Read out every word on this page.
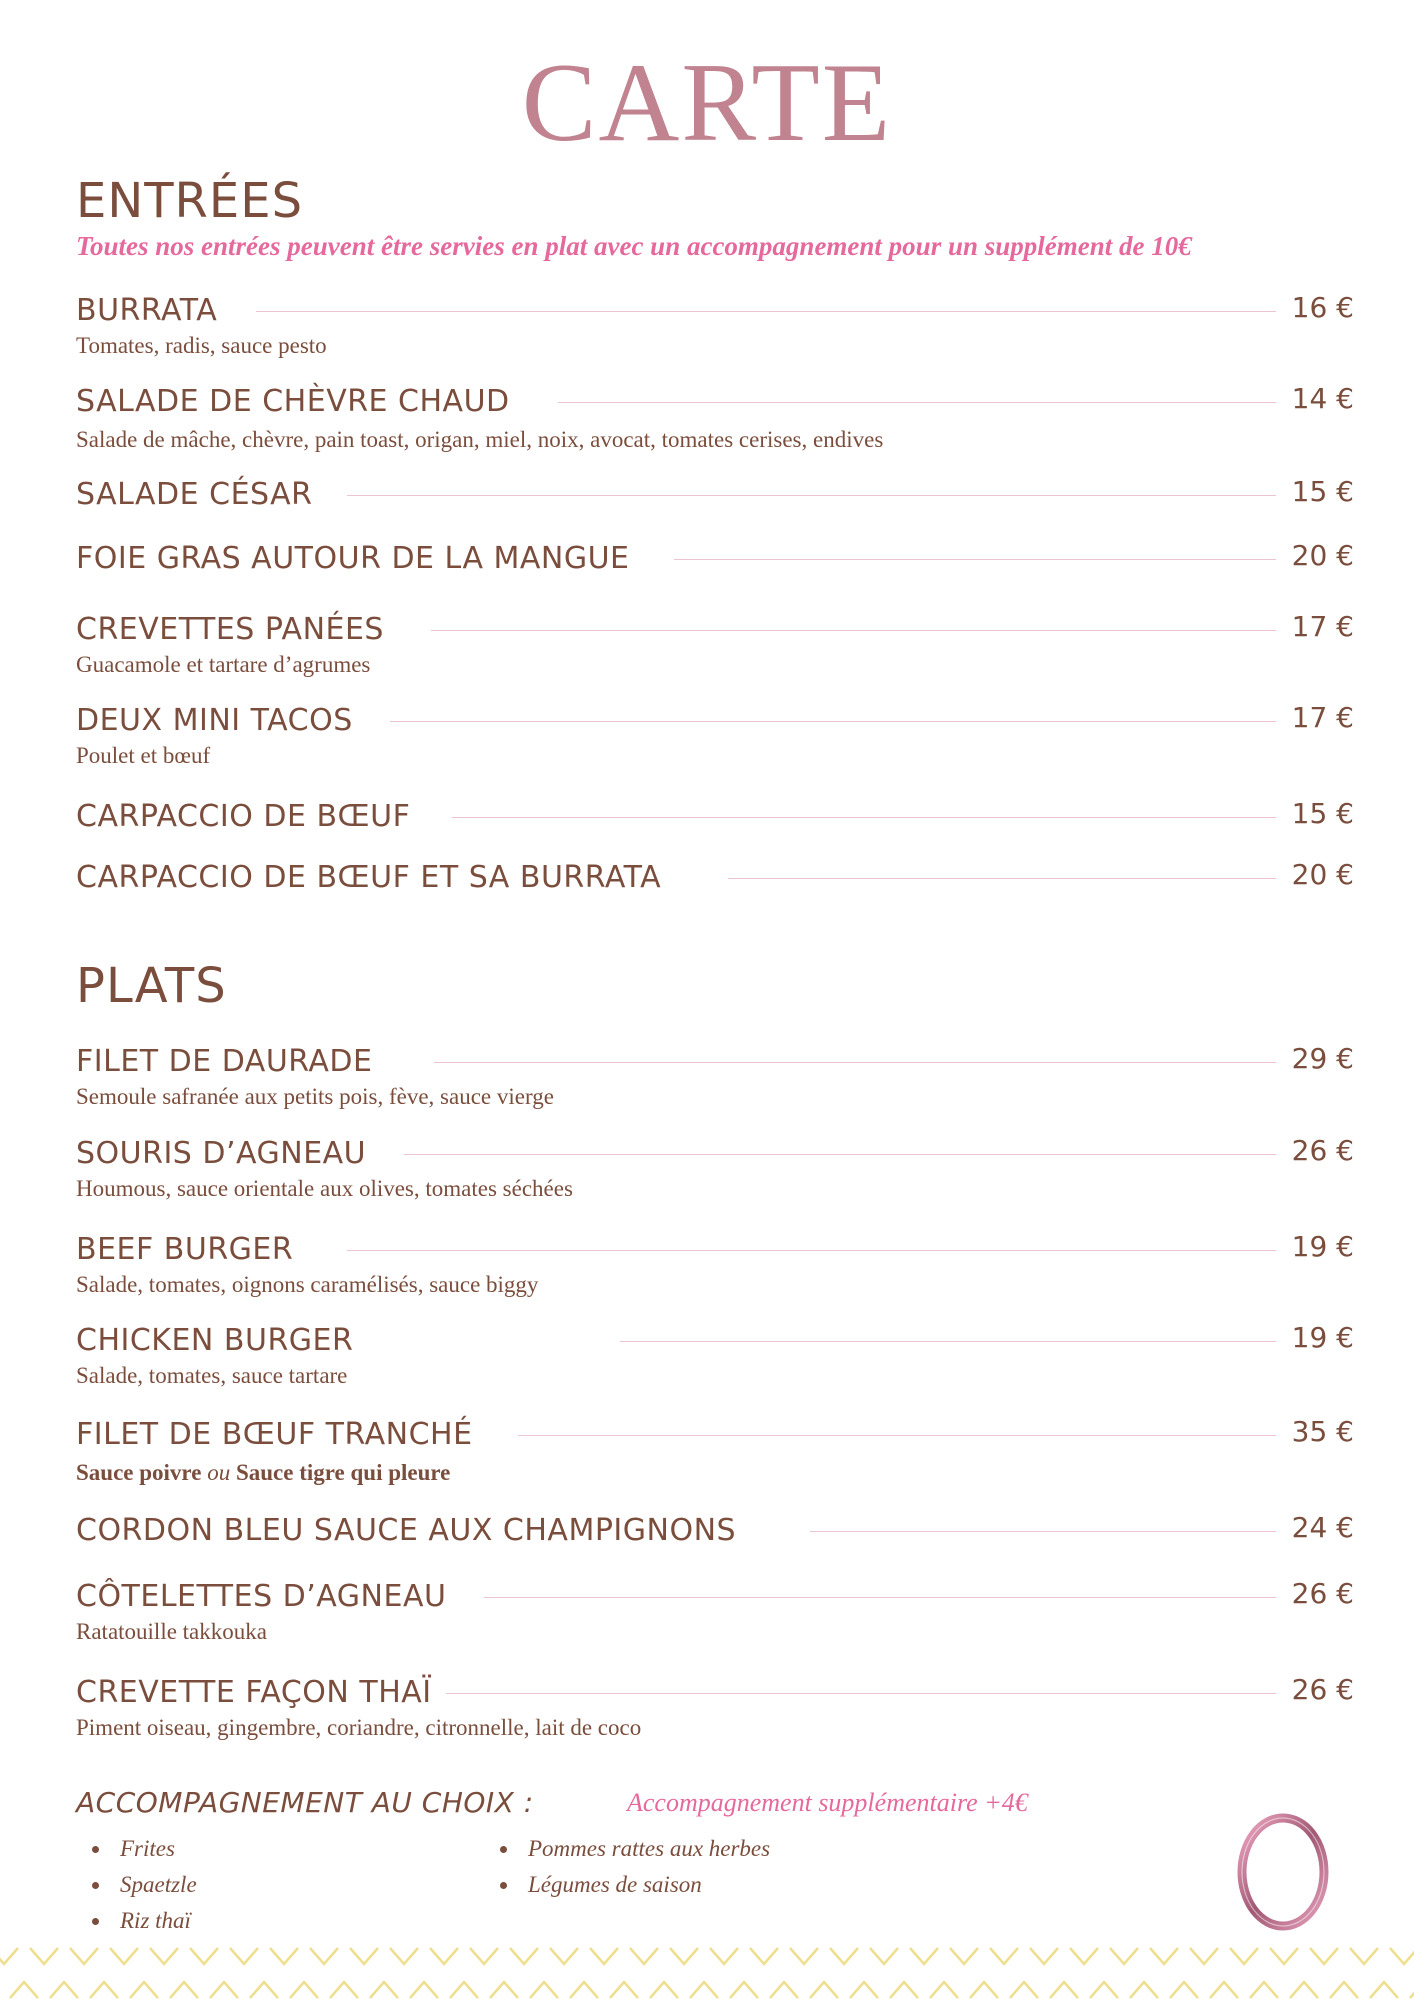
CARTE
ENTRÉES
Toutes nos entrées peuvent être servies en plat avec un accompagnement pour un supplément de 10€
BURRATA	16 €
Tomates, radis, sauce pesto
SALADE DE CHÈVRE CHAUD	14 €
Salade de mâche, chèvre, pain toast, origan, miel, noix, avocat, tomates cerises, endives
SALADE CÉSAR	15 €
FOIE GRAS AUTOUR DE LA MANGUE	20 €
CREVETTES PANÉES	17 €
Guacamole et tartare d’agrumes
DEUX MINI TACOS	17 €
Poulet et bœuf
CARPACCIO DE BŒUF	15 €
CARPACCIO DE BŒUF ET SA BURRATA	20 €
PLATS
FILET DE DAURADE	29 €
Semoule safranée aux petits pois, fève, sauce vierge
SOURIS D’AGNEAU	26 €
Houmous, sauce orientale aux olives, tomates séchées
BEEF BURGER	19 €
Salade, tomates, oignons caramélisés, sauce biggy
CHICKEN BURGER	19 €
Salade, tomates, sauce tartare
FILET DE BŒUF TRANCHÉ	35 €
Sauce poivre ou Sauce tigre qui pleure
CORDON BLEU SAUCE AUX CHAMPIGNONS	24 €
CÔTELETTES D’AGNEAU	26 €
Ratatouille takkouka
CREVETTE FAÇON THAÏ	26 €
Piment oiseau, gingembre, coriandre, citronnelle, lait de coco
ACCOMPAGNEMENT AU CHOIX :	Accompagnement supplémentaire +4€
Frites
Spaetzle
Riz thaï
Pommes rattes aux herbes
Légumes de saison
